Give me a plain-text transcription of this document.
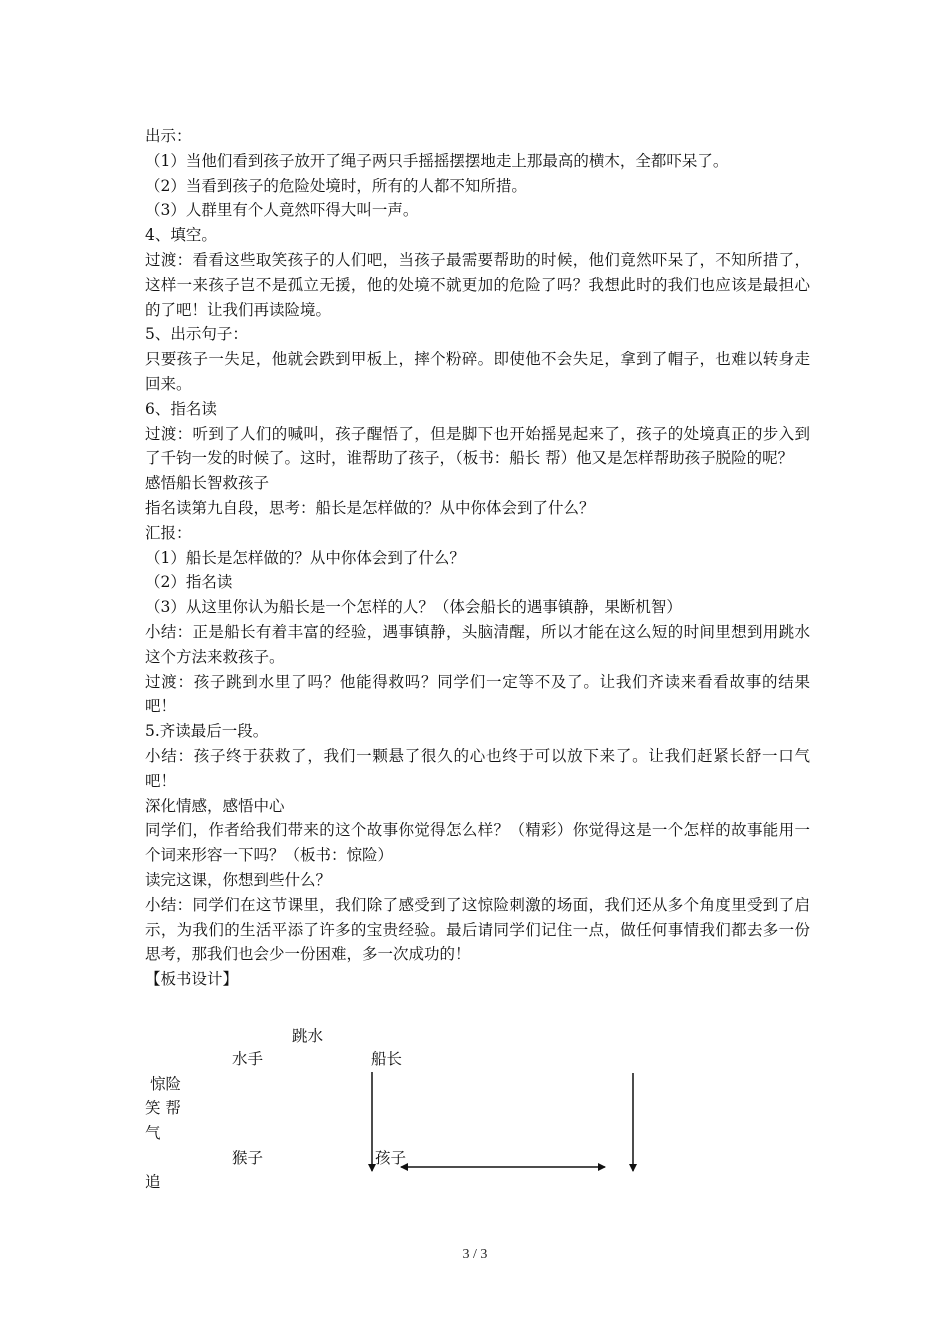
出示：
（1）当他们看到孩子放开了绳子两只手摇摇摆摆地走上那最高的横木，全都吓呆了。
（2）当看到孩子的危险处境时，所有的人都不知所措。
（3）人群里有个人竟然吓得大叫一声。
4、填空。
过渡：看看这些取笑孩子的人们吧，当孩子最需要帮助的时候，他们竟然吓呆了，不知所措了，这样一来孩子岂不是孤立无援，他的处境不就更加的危险了吗？我想此时的我们也应该是最担心的了吧！让我们再读险境。
5、出示句子：
只要孩子一失足，他就会跌到甲板上，摔个粉碎。即使他不会失足，拿到了帽子，也难以转身走回来。
6、指名读
过渡：听到了人们的喊叫，孩子醒悟了，但是脚下也开始摇晃起来了，孩子的处境真正的步入到了千钧一发的时候了。这时，谁帮助了孩子，（板书：船长 帮）他又是怎样帮助孩子脱险的呢？
感悟船长智救孩子
指名读第九自段，思考：船长是怎样做的？从中你体会到了什么？
汇报：
（1）船长是怎样做的？从中你体会到了什么？
（2）指名读
（3）从这里你认为船长是一个怎样的人？（体会船长的遇事镇静，果断机智）
小结：正是船长有着丰富的经验，遇事镇静，头脑清醒，所以才能在这么短的时间里想到用跳水这个方法来救孩子。
过渡：孩子跳到水里了吗？他能得救吗？同学们一定等不及了。让我们齐读来看看故事的结果吧！
5.齐读最后一段。
小结：孩子终于获救了，我们一颗悬了很久的心也终于可以放下来了。让我们赶紧长舒一口气吧！
深化情感，感悟中心
同学们，作者给我们带来的这个故事你觉得怎么样？（精彩）你觉得这是一个怎样的故事能用一个词来形容一下吗？（板书：惊险）
读完这课，你想到些什么？
小结：同学们在这节课里，我们除了感受到了这惊险刺激的场面，我们还从多个角度里受到了启示，为我们的生活平添了许多的宝贵经验。最后请同学们记住一点，做任何事情我们都去多一份思考，那我们也会少一份困难，多一次成功的！
【板书设计】
跳水
水手	船长
惊险
笑 帮
气
猴子	孩子
追
3 / 3
